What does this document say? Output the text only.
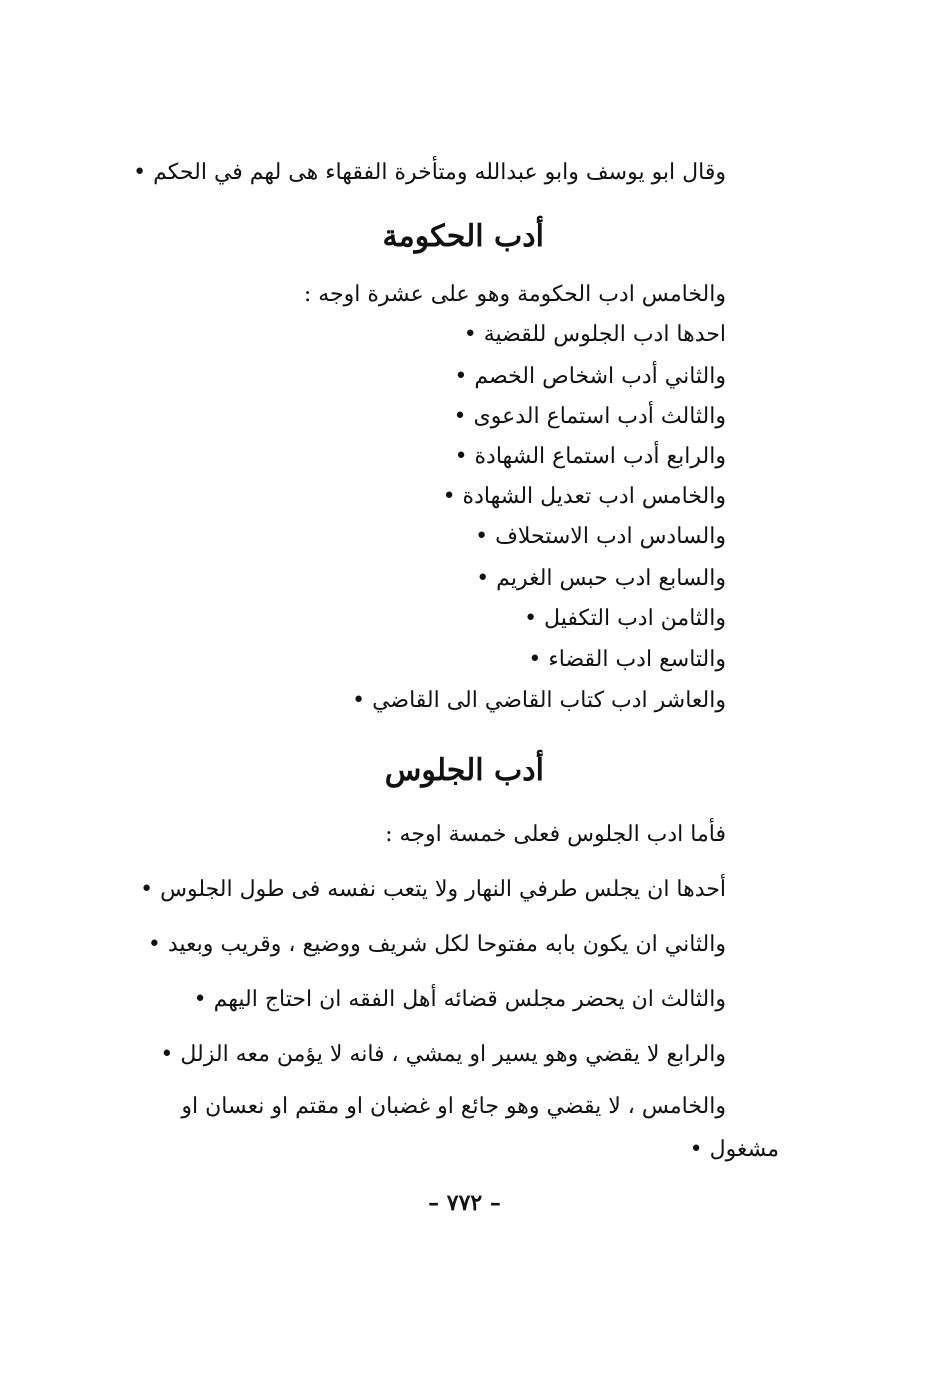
وقال ابو يوسف وابو عبدالله ومتأخرة الفقهاء هى لهم في الحكم •
أدب الحكومة
والخامس ادب الحكومة وهو على عشرة اوجه :
احدها ادب الجلوس للقضية •
والثاني أدب اشخاص الخصم •
والثالث أدب استماع الدعوى •
والرابع أدب استماع الشهادة •
والخامس ادب تعديل الشهادة •
والسادس ادب الاستحلاف •
والسابع ادب حبس الغريم •
والثامن ادب التكفيل •
والتاسع ادب القضاء •
والعاشر ادب كتاب القاضي الى القاضي •
أدب الجلوس
فأما ادب الجلوس فعلى خمسة اوجه :
أحدها ان يجلس طرفي النهار ولا يتعب نفسه فى طول الجلوس •
والثاني ان يكون بابه مفتوحا لكل شريف ووضيع ، وقريب وبعيد •
والثالث ان يحضر مجلس قضائه أهل الفقه ان احتاج اليهم •
والرابع لا يقضي وهو يسير او يمشي ، فانه لا يؤمن معه الزلل •
والخامس ، لا يقضي وهو جائع او غضبان او مقتم او نعسان او
مشغول •
– ٧٧٢ –
